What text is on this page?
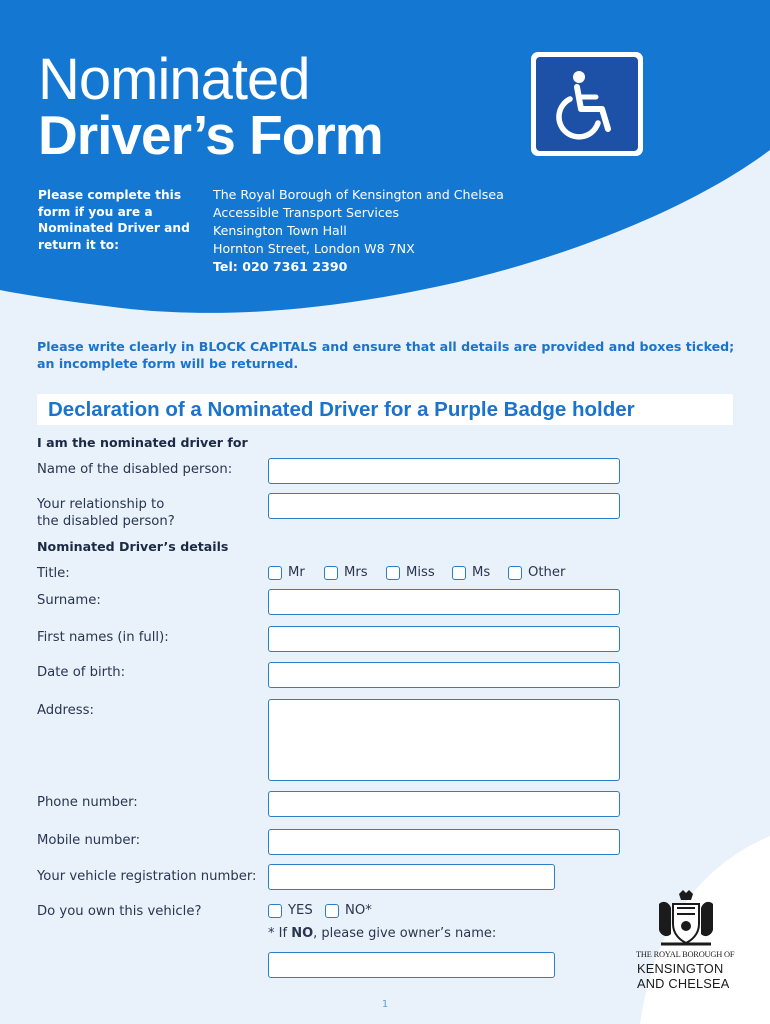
Nominated
Driver’s Form
Please complete this form if you are a Nominated Driver and return it to:
The Royal Borough of Kensington and Chelsea
Accessible Transport Services
Kensington Town Hall
Hornton Street, London W8 7NX
Tel: 020 7361 2390
Please write clearly in BLOCK CAPITALS and ensure that all details are provided and boxes ticked; an incomplete form will be returned.
Declaration of a Nominated Driver for a Purple Badge holder
I am the nominated driver for
Name of the disabled person:
Your relationship to the disabled person?
Nominated Driver’s details
Title:	Mr	Mrs	Miss	Ms	Other
Surname:
First names (in full):
Date of birth:
Address:
Phone number:
Mobile number:
Your vehicle registration number:
Do you own this vehicle?	YES NO*
* If NO, please give owner’s name:
THE ROYAL BOROUGH OF
KENSINGTON
AND CHELSEA
1
